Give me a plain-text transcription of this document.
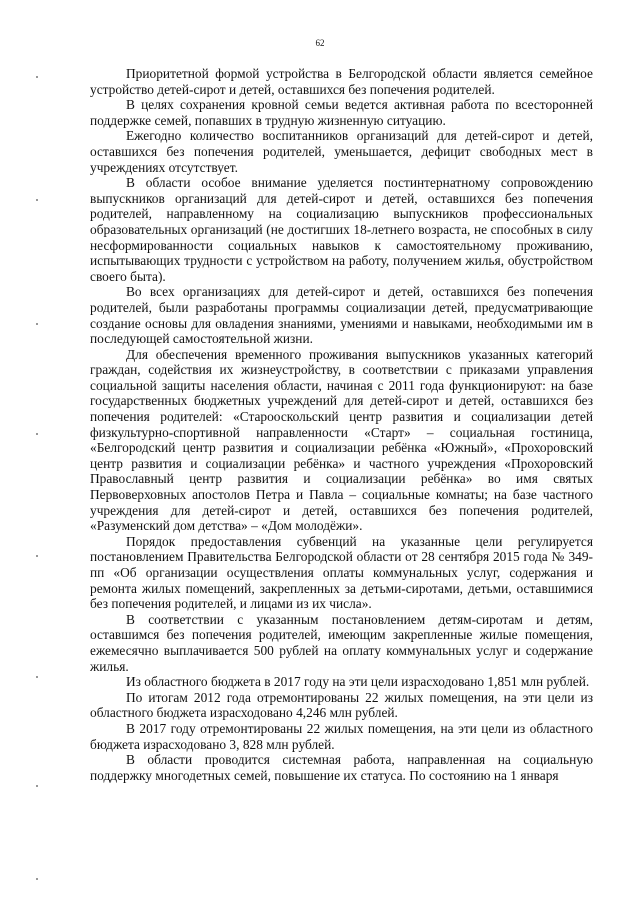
62

Приоритетной формой устройства в Белгородской области является семейное устройство детей-сирот и детей, оставшихся без попечения родителей.

В целях сохранения кровной семьи ведется активная работа по всесторонней поддержке семей, попавших в трудную жизненную ситуацию.

Ежегодно количество воспитанников организаций для детей-сирот и детей, оставшихся без попечения родителей, уменьшается, дефицит свободных мест в учреждениях отсутствует.

В области особое внимание уделяется постинтернатному сопровождению выпускников организаций для детей-сирот и детей, оставшихся без попечения родителей, направленному на социализацию выпускников профессиональных образовательных организаций (не достигших 18-летнего возраста, не способных в силу несформированности социальных навыков к самостоятельному проживанию, испытывающих трудности с устройством на работу, получением жилья, обустройством своего быта).

Во всех организациях для детей-сирот и детей, оставшихся без попечения родителей, были разработаны программы социализации детей, предусматривающие создание основы для овладения знаниями, умениями и навыками, необходимыми им в последующей самостоятельной жизни.

Для обеспечения временного проживания выпускников указанных категорий граждан, содействия их жизнеустройству, в соответствии с приказами управления социальной защиты населения области, начиная с 2011 года функционируют: на базе государственных бюджетных учреждений для детей-сирот и детей, оставшихся без попечения родителей: «Старооскольский центр развития и социализации детей физкультурно-спортивной направленности «Старт» – социальная гостиница, «Белгородский центр развития и социализации ребёнка «Южный», «Прохоровский центр развития и социализации ребёнка» и частного учреждения «Прохоровский Православный центр развития и социализации ребёнка» во имя святых Первоверховных апостолов Петра и Павла – социальные комнаты; на базе частного учреждения для детей-сирот и детей, оставшихся без попечения родителей, «Разуменский дом детства» – «Дом молодёжи».

Порядок предоставления субвенций на указанные цели регулируется постановлением Правительства Белгородской области от 28 сентября 2015 года № 349-пп «Об организации осуществления оплаты коммунальных услуг, содержания и ремонта жилых помещений, закрепленных за детьми-сиротами, детьми, оставшимися без попечения родителей, и лицами из их числа».

В соответствии с указанным постановлением детям-сиротам и детям, оставшимся без попечения родителей, имеющим закрепленные жилые помещения, ежемесячно выплачивается 500 рублей на оплату коммунальных услуг и содержание жилья.

Из областного бюджета в 2017 году на эти цели израсходовано 1,851 млн рублей.

По итогам 2012 года отремонтированы 22 жилых помещения, на эти цели из областного бюджета израсходовано 4,246 млн рублей.

В 2017 году отремонтированы 22 жилых помещения, на эти цели из областного бюджета израсходовано 3, 828 млн рублей.

В области проводится системная работа, направленная на социальную поддержку многодетных семей, повышение их статуса. По состоянию на 1 января
